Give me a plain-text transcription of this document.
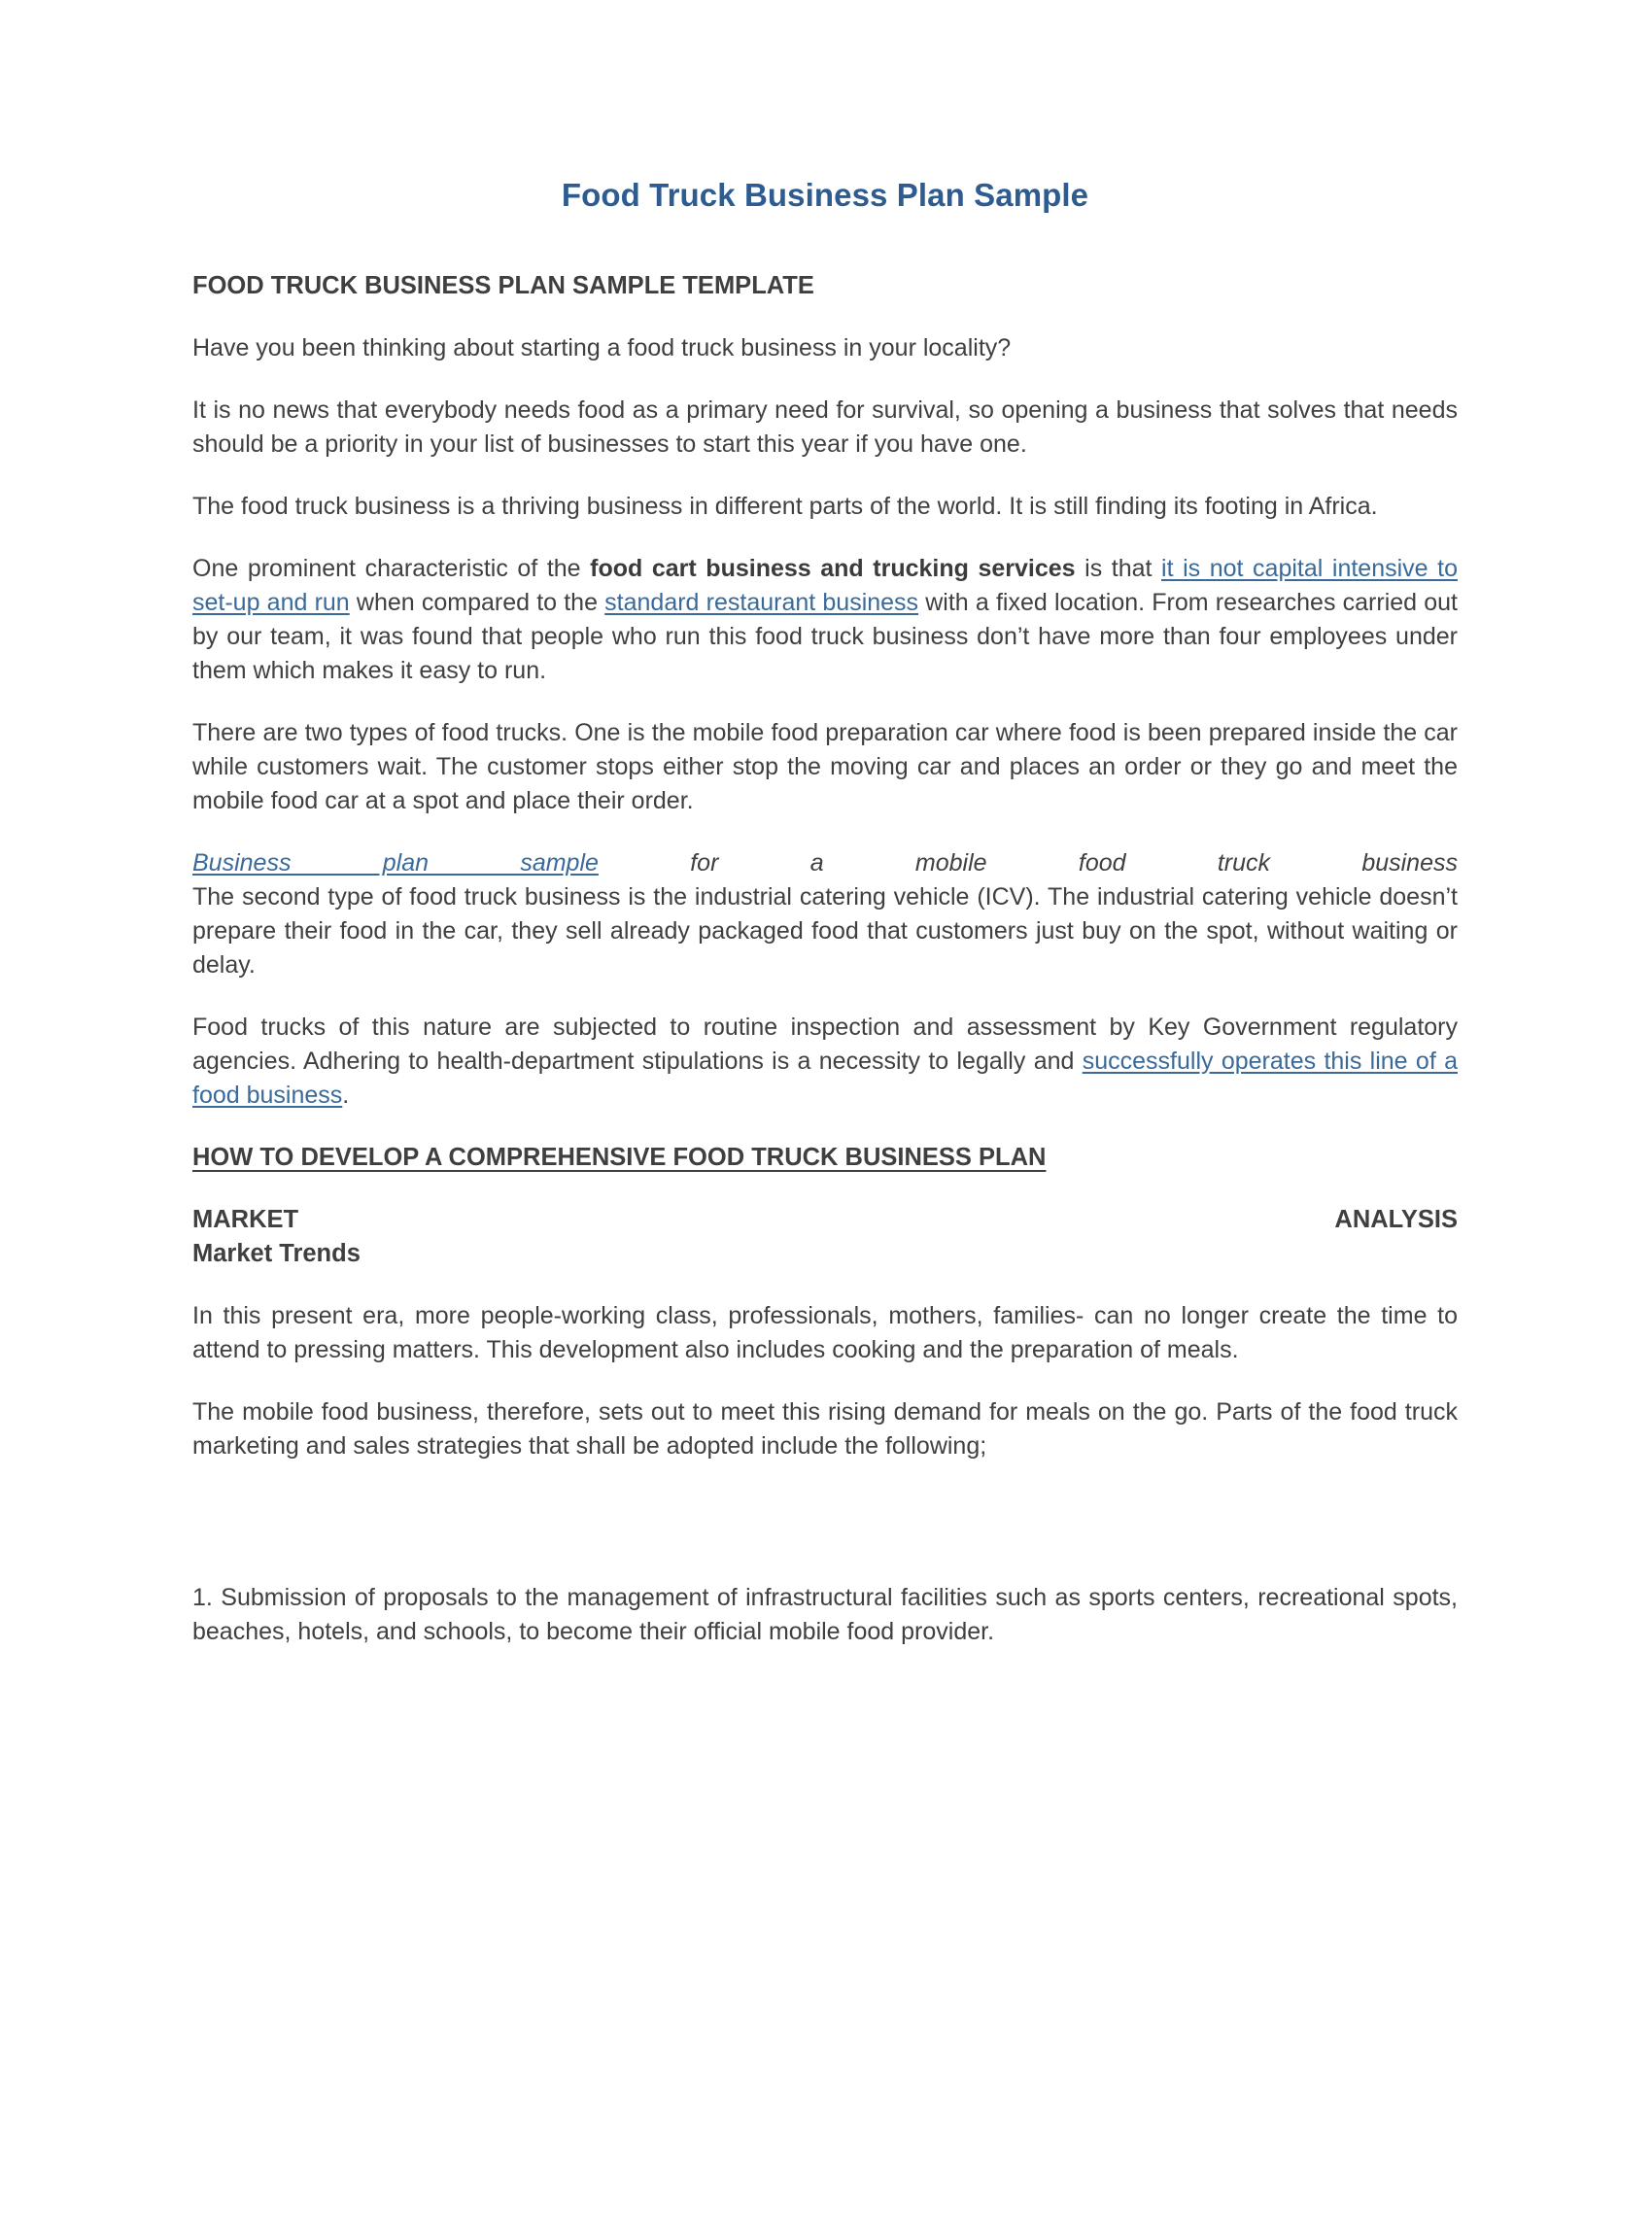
Food Truck Business Plan Sample
FOOD TRUCK BUSINESS PLAN SAMPLE TEMPLATE

Have you been thinking about starting a food truck business in your locality?

It is no news that everybody needs food as a primary need for survival, so opening a business that solves that needs should be a priority in your list of businesses to start this year if you have one.

The food truck business is a thriving business in different parts of the world. It is still finding its footing in Africa.

One prominent characteristic of the food cart business and trucking services is that it is not capital intensive to set-up and run when compared to the standard restaurant business with a fixed location. From researches carried out by our team, it was found that people who run this food truck business don’t have more than four employees under them which makes it easy to run.

There are two types of food trucks. One is the mobile food preparation car where food is been prepared inside the car while customers wait. The customer stops either stop the moving car and places an order or they go and meet the mobile food car at a spot and place their order.

Business plan sample for a mobile food truck business
The second type of food truck business is the industrial catering vehicle (ICV). The industrial catering vehicle doesn’t prepare their food in the car, they sell already packaged food that customers just buy on the spot, without waiting or delay.

Food trucks of this nature are subjected to routine inspection and assessment by Key Government regulatory agencies. Adhering to health-department stipulations is a necessity to legally and successfully operates this line of a food business.

HOW TO DEVELOP A COMPREHENSIVE FOOD TRUCK BUSINESS PLAN
MARKET	ANALYSIS
Market Trends

In this present era, more people-working class, professionals, mothers, families- can no longer create the time to attend to pressing matters. This development also includes cooking and the preparation of meals.

The mobile food business, therefore, sets out to meet this rising demand for meals on the go. Parts of the food truck marketing and sales strategies that shall be adopted include the following;

1. Submission of proposals to the management of infrastructural facilities such as sports centers, recreational spots, beaches, hotels, and schools, to become their official mobile food provider.
